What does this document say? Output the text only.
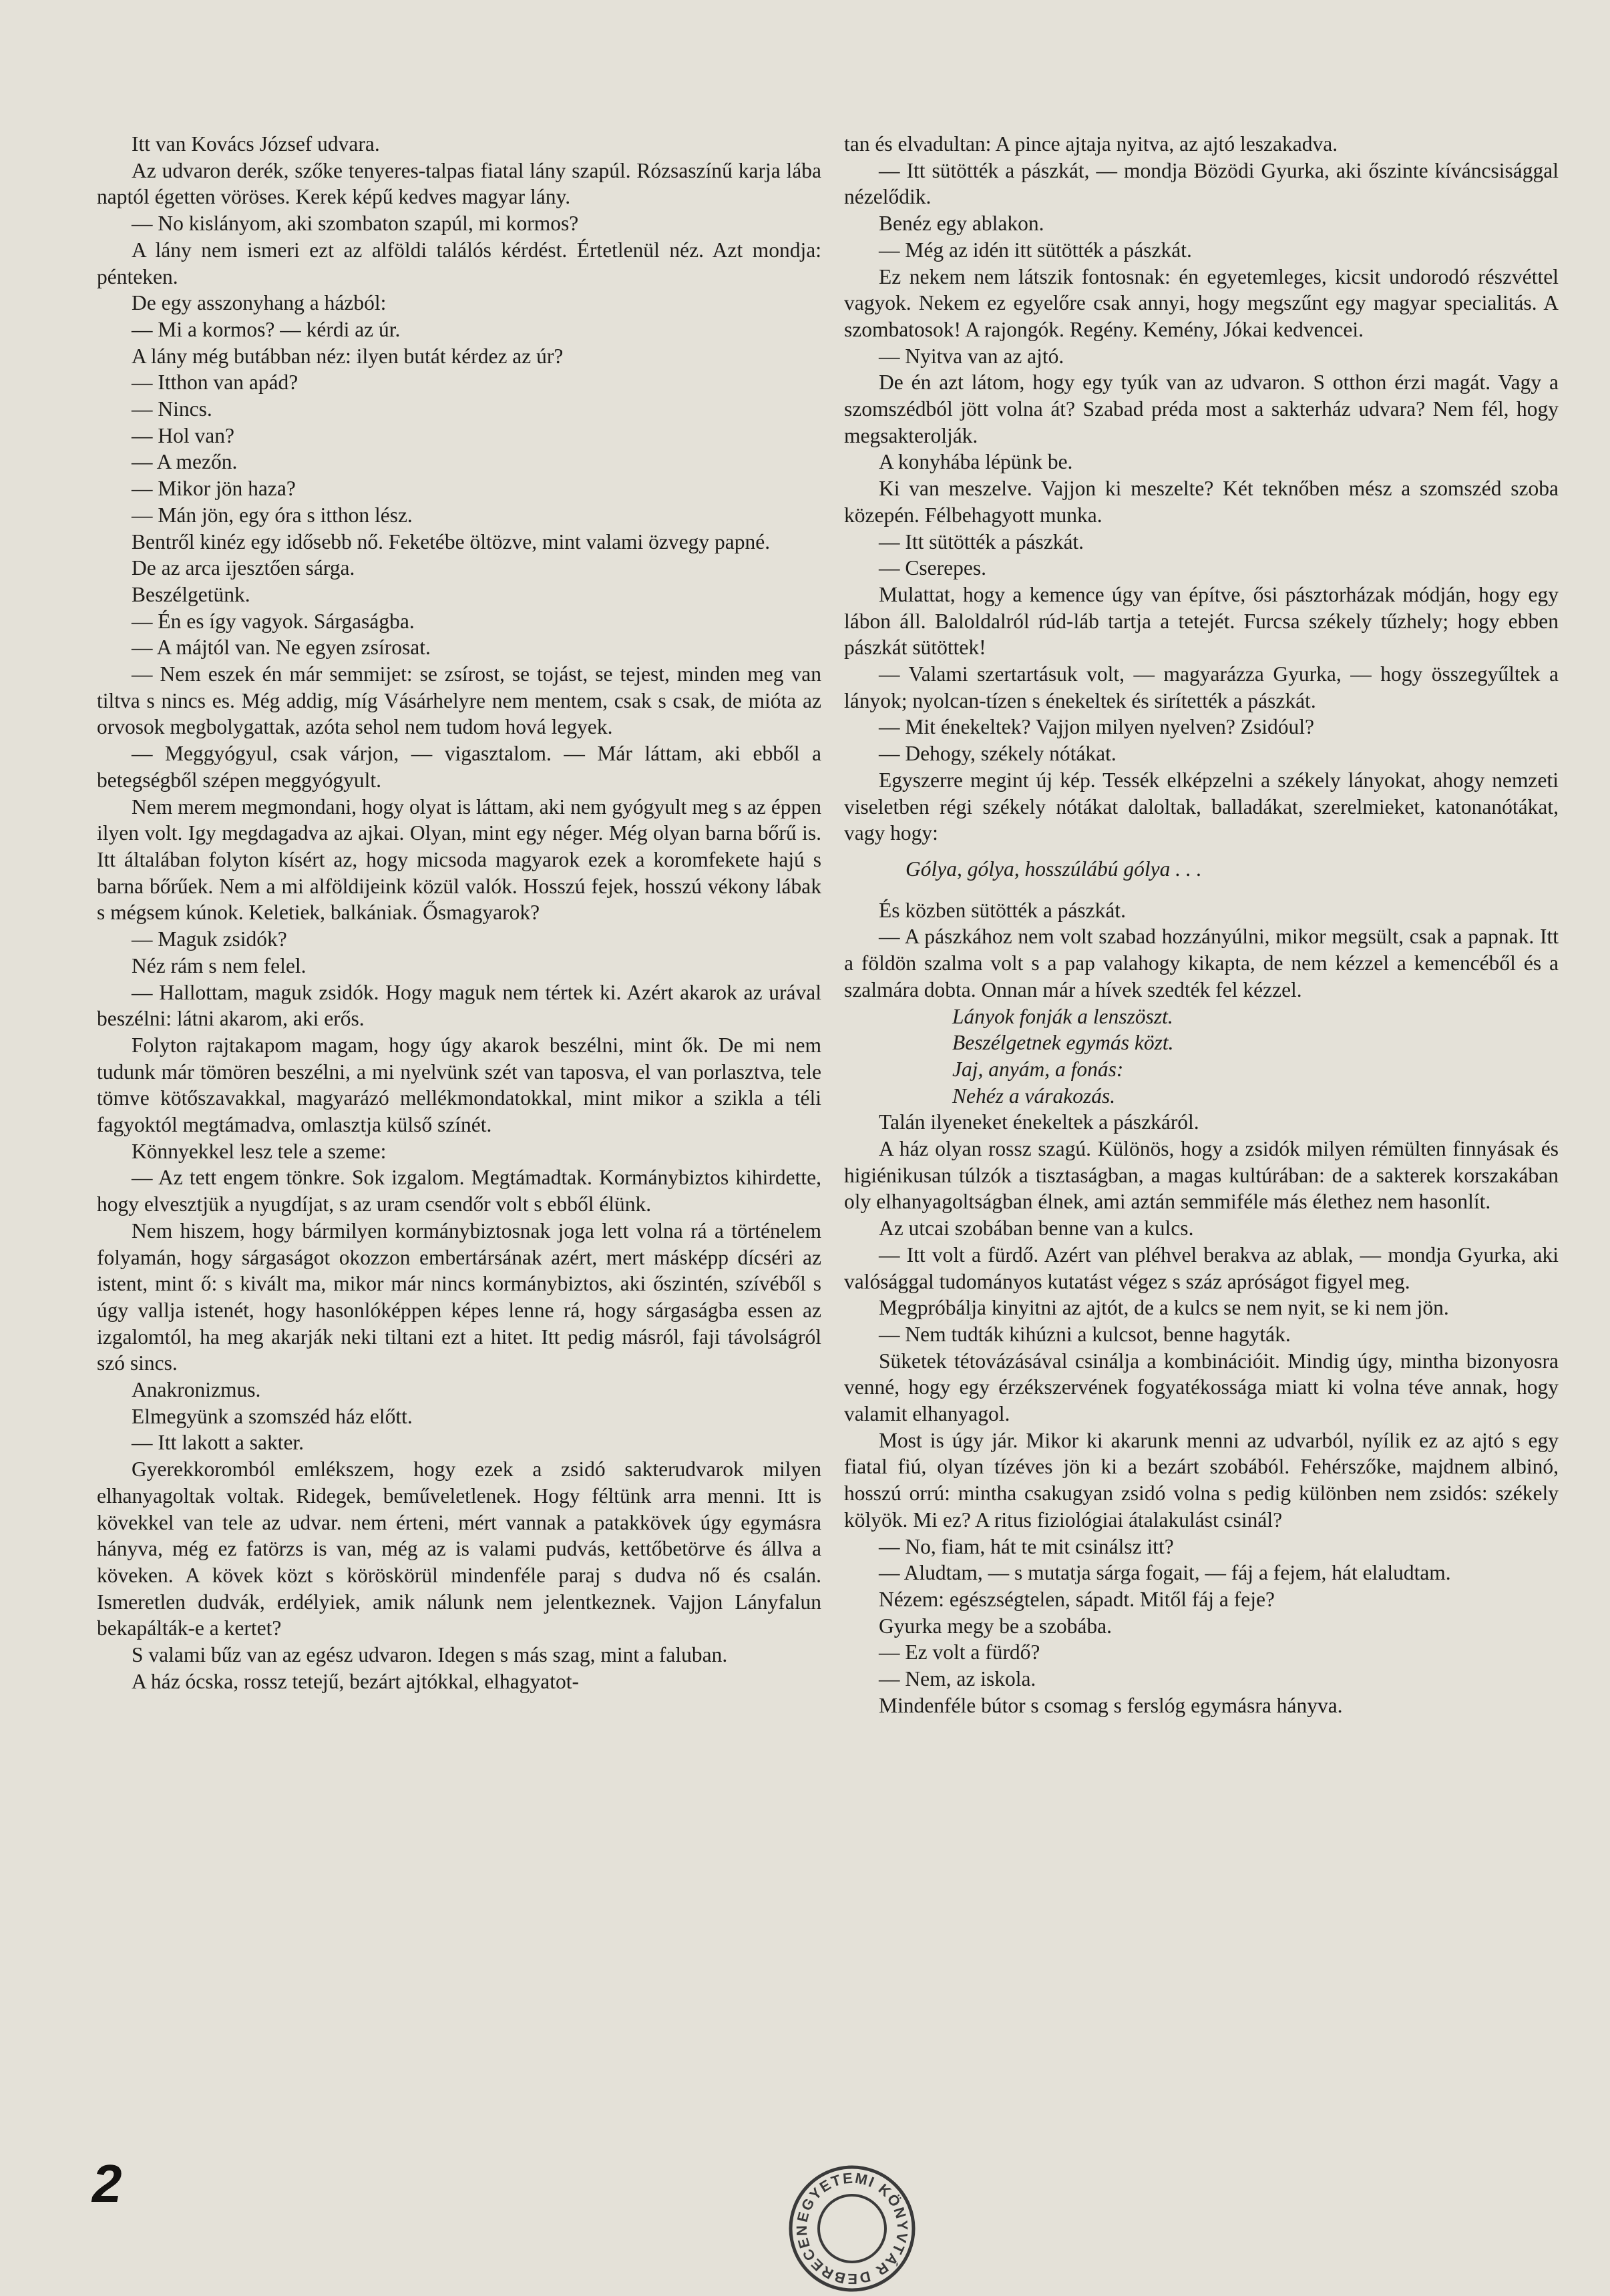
Itt van Kovács József udvara.

Az udvaron derék, szőke tenyeres-talpas fiatal lány szapúl. Rózsaszínű karja lába naptól égetten vöröses. Kerek képű kedves magyar lány.

— No kislányom, aki szombaton szapúl, mi kormos?

A lány nem ismeri ezt az alföldi találós kérdést. Értetlenül néz. Azt mondja: pénteken.

De egy asszonyhang a házból:

— Mi a kormos? — kérdi az úr.

A lány még butábban néz: ilyen butát kérdez az úr?

— Itthon van apád?

— Nincs.

— Hol van?

— A mezőn.

— Mikor jön haza?

— Mán jön, egy óra s itthon lész.

Bentről kinéz egy idősebb nő. Feketébe öltözve, mint valami özvegy papné.

De az arca ijesztően sárga.

Beszélgetünk.

— Én es így vagyok. Sárgaságba.

— A májtól van. Ne egyen zsírosat.

— Nem eszek én már semmijet: se zsírost, se tojást, se tejest, minden meg van tiltva s nincs es. Még addig, míg Vásárhelyre nem mentem, csak s csak, de mióta az orvosok megbolygattak, azóta sehol nem tudom hová legyek.

— Meggyógyul, csak várjon, — vigasztalom. — Már láttam, aki ebből a betegségből szépen meggyógyult.

Nem merem megmondani, hogy olyat is láttam, aki nem gyógyult meg s az éppen ilyen volt. Igy megdagadva az ajkai. Olyan, mint egy néger. Még olyan barna bőrű is. Itt általában folyton kísért az, hogy micsoda magyarok ezek a koromfekete hajú s barna bőrűek. Nem a mi alföldijeink közül valók. Hosszú fejek, hosszú vékony lábak s mégsem kúnok. Keletiek, balkániak. Ősmagyarok?

— Maguk zsidók?

Néz rám s nem felel.

— Hallottam, maguk zsidók. Hogy maguk nem tértek ki. Azért akarok az urával beszélni: látni akarom, aki erős.

Folyton rajtakapom magam, hogy úgy akarok beszélni, mint ők. De mi nem tudunk már tömören beszélni, a mi nyelvünk szét van taposva, el van porlasztva, tele tömve kötőszavakkal, magyarázó mellékmondatokkal, mint mikor a szikla a téli fagyoktól megtámadva, omlasztja külső színét.

Könnyekkel lesz tele a szeme:

— Az tett engem tönkre. Sok izgalom. Megtámadtak. Kormánybiztos kihirdette, hogy elvesztjük a nyugdíjat, s az uram csendőr volt s ebből élünk.

Nem hiszem, hogy bármilyen kormánybiztosnak joga lett volna rá a történelem folyamán, hogy sárgaságot okozzon embertársának azért, mert másképp dícséri az istent, mint ő: s kivált ma, mikor már nincs kormánybiztos, aki őszintén, szívéből s úgy vallja istenét, hogy hasonlóképpen képes lenne rá, hogy sárgaságba essen az izgalomtól, ha meg akarják neki tiltani ezt a hitet. Itt pedig másról, faji távolságról szó sincs.

Anakronizmus.

Elmegyünk a szomszéd ház előtt.

— Itt lakott a sakter.

Gyerekkoromból emlékszem, hogy ezek a zsidó sakterudvarok milyen elhanyagoltak voltak. Ridegek, beműveletlenek. Hogy féltünk arra menni. Itt is kövekkel van tele az udvar. nem érteni, mért vannak a patakkövek úgy egymásra hányva, még ez fatörzs is van, még az is valami pudvás, kettőbetörve és állva a köveken. A kövek közt s köröskörül mindenféle paraj s dudva nő és csalán. Ismeretlen dudvák, erdélyiek, amik nálunk nem jelentkeznek. Vajjon Lányfalun bekapálták-e a kertet?

S valami bűz van az egész udvaron. Idegen s más szag, mint a faluban.

A ház ócska, rossz tetejű, bezárt ajtókkal, elhagyatot-

tan és elvadultan: A pince ajtaja nyitva, az ajtó leszakadva.

— Itt sütötték a pászkát, — mondja Bözödi Gyurka, aki őszinte kíváncsisággal nézelődik.

Benéz egy ablakon.

— Még az idén itt sütötték a pászkát.

Ez nekem nem látszik fontosnak: én egyetemleges, kicsit undorodó részvéttel vagyok. Nekem ez egyelőre csak annyi, hogy megszűnt egy magyar specialitás. A szombatosok! A rajongók. Regény. Kemény, Jókai kedvencei.

— Nyitva van az ajtó.

De én azt látom, hogy egy tyúk van az udvaron. S otthon érzi magát. Vagy a szomszédból jött volna át? Szabad préda most a sakterház udvara? Nem fél, hogy megsakterolják.

A konyhába lépünk be.

Ki van meszelve. Vajjon ki meszelte? Két teknőben mész a szomszéd szoba közepén. Félbehagyott munka.

— Itt sütötték a pászkát.

— Cserepes.

Mulattat, hogy a kemence úgy van építve, ősi pásztorházak módján, hogy egy lábon áll. Baloldalról rúd-láb tartja a tetejét. Furcsa székely tűzhely; hogy ebben pászkát sütöttek!

— Valami szertartásuk volt, — magyarázza Gyurka, — hogy összegyűltek a lányok; nyolcan-tízen s énekeltek és sirítették a pászkát.

— Mit énekeltek? Vajjon milyen nyelven? Zsidóul?

— Dehogy, székely nótákat.

Egyszerre megint új kép. Tessék elképzelni a székely lányokat, ahogy nemzeti viseletben régi székely nótákat daloltak, balladákat, szerelmieket, katonanótákat, vagy hogy:

Gólya, gólya, hosszúlábú gólya . . .

És közben sütötték a pászkát.

— A pászkához nem volt szabad hozzányúlni, mikor megsült, csak a papnak. Itt a földön szalma volt s a pap valahogy kikapta, de nem kézzel a kemencéből és a szalmára dobta. Onnan már a hívek szedték fel kézzel.

Lányok fonják a lenszöszt.

Beszélgetnek egymás közt.

Jaj, anyám, a fonás:

Nehéz a várakozás.

Talán ilyeneket énekeltek a pászkáról.

A ház olyan rossz szagú. Különös, hogy a zsidók milyen rémülten finnyásak és higiénikusan túlzók a tisztaságban, a magas kultúrában: de a sakterek korszakában oly elhanyagoltságban élnek, ami aztán semmiféle más élethez nem hasonlít.

Az utcai szobában benne van a kulcs.

— Itt volt a fürdő. Azért van pléhvel berakva az ablak, — mondja Gyurka, aki valósággal tudományos kutatást végez s száz apróságot figyel meg.

Megpróbálja kinyitni az ajtót, de a kulcs se nem nyit, se ki nem jön.

— Nem tudták kihúzni a kulcsot, benne hagyták.

Süketek tétovázásával csinálja a kombinációit. Mindig úgy, mintha bizonyosra venné, hogy egy érzékszervének fogyatékossága miatt ki volna téve annak, hogy valamit elhanyagol.

Most is úgy jár. Mikor ki akarunk menni az udvarból, nyílik ez az ajtó s egy fiatal fiú, olyan tízéves jön ki a bezárt szobából. Fehérszőke, majdnem albinó, hosszú orrú: mintha csakugyan zsidó volna s pedig különben nem zsidós: székely kölyök. Mi ez? A ritus fiziológiai átalakulást csinál?

— No, fiam, hát te mit csinálsz itt?

— Aludtam, — s mutatja sárga fogait, — fáj a fejem, hát elaludtam.

Nézem: egészségtelen, sápadt. Mitől fáj a feje?

Gyurka megy be a szobába.

— Ez volt a fürdő?

— Nem, az iskola.

Mindenféle bútor s csomag s ferslóg egymásra hányva.

2
EGYETEMI KÖNYVTÁR DEBRECEN
